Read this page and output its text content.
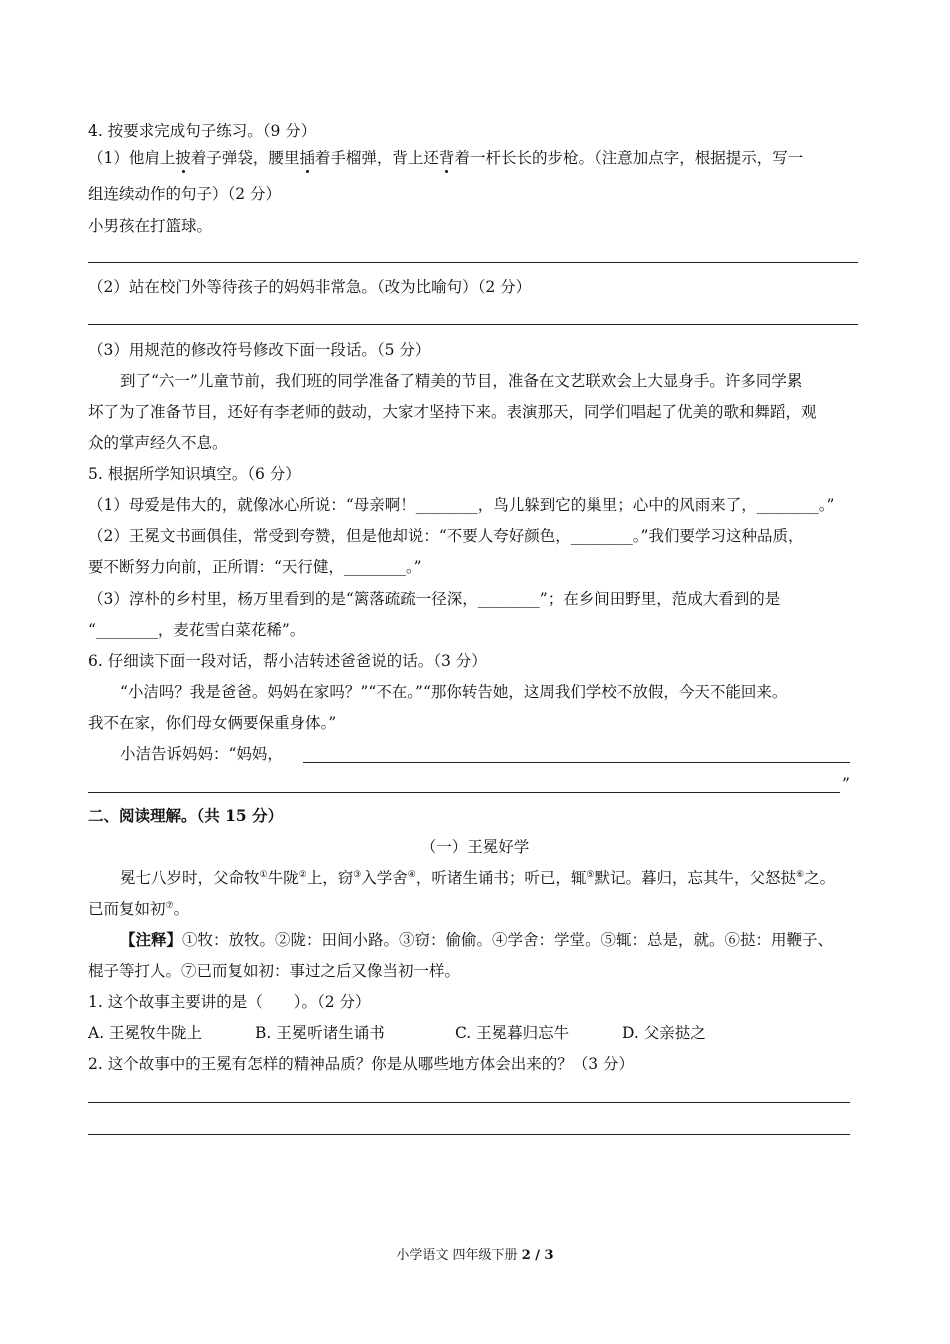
4. 按要求完成句子练习。（9 分）
（1）他肩上披着子弹袋，腰里插着手榴弹，背上还背着一杆长长的步枪。（注意加点字，根据提示，写一
组连续动作的句子）（2 分）
小男孩在打篮球。
（2）站在校门外等待孩子的妈妈非常急。（改为比喻句）（2 分）
（3）用规范的修改符号修改下面一段话。（5 分）
到了“六一”儿童节前，我们班的同学准备了精美的节目，准备在文艺联欢会上大显身手。许多同学累
坏了为了准备节目，还好有李老师的鼓动，大家才坚持下来。表演那天，同学们唱起了优美的歌和舞蹈，观
众的掌声经久不息。
5. 根据所学知识填空。（6 分）
（1）母爱是伟大的，就像冰心所说：“母亲啊！________，鸟儿躲到它的巢里；心中的风雨来了，________。”
（2）王冕文书画俱佳，常受到夸赞，但是他却说：“不要人夸好颜色，________。”我们要学习这种品质，
要不断努力向前，正所谓：“天行健，________。”
（3）淳朴的乡村里，杨万里看到的是“篱落疏疏一径深，________”；在乡间田野里，范成大看到的是
“________，麦花雪白菜花稀”。
6. 仔细读下面一段对话，帮小洁转述爸爸说的话。（3 分）
“小洁吗？我是爸爸。妈妈在家吗？”“不在。”“那你转告她，这周我们学校不放假，今天不能回来。
我不在家，你们母女俩要保重身体。”
小洁告诉妈妈：“妈妈，
”
二、阅读理解。（共 15 分）
（一）王冕好学
冕七八岁时，父命牧①牛陇②上，窃③入学舍④，听诸生诵书；听已，辄⑤默记。暮归，忘其牛，父怒挞⑥之。
已而复如初⑦。
【注释】①牧：放牧。②陇：田间小路。③窃：偷偷。④学舍：学堂。⑤辄：总是，就。⑥挞：用鞭子、
棍子等打人。⑦已而复如初：事过之后又像当初一样。
1. 这个故事主要讲的是（　　）。（2 分）
A. 王冕牧牛陇上	B. 王冕听诸生诵书	C. 王冕暮归忘牛	D. 父亲挞之
2. 这个故事中的王冕有怎样的精神品质？你是从哪些地方体会出来的？（3 分）
小学语文 四年级下册 2 / 3
